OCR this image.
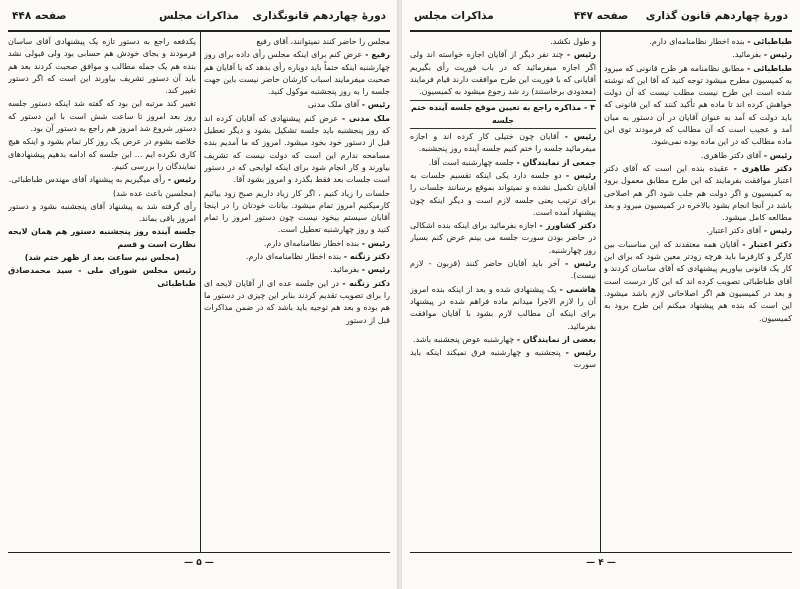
دورهٔ چهاردهم قانونگذاری
مذاکرات مجلس
صفحه ۴۴۸

مجلس را حاضر کنند نمیتوانند، آقای رفیع

رفیع - عرض کنم برای اینکه مجلس رأی داده برای روز چهارشنبه اینکه حتماً باید دوباره رأی بدهد که با آقایان هم صحبت میفرمایند اسباب کارشان حاضر نیست باین جهت جلسه را به روز پنجشنبه موکول کنید.

رئیس - آقای ملک مدنی

ملک مدنی - عرض کنم پیشنهادی که آقایان کرده اند که روز پنجشنبه باید جلسه تشکیل بشود و دیگر تعطیل قبل از دستور خود بخود میشود. امروز که ما آمدیم بنده مسامحه ندارم این است که دولت نیست که تشریف بیاورند و کار انجام شود برای اینکه لوایحی که در دستور است جلسات بعد فقط بگذرد و امروز بشود آقا.

جلسات را زیاد کنیم ، اگر کار زیاد داریم صبح زود بیائیم کارمیکنیم امروز تمام میشود. بیانات خودتان را در اینجا آقایان سیستم بیخود نیست چون دستور امروز را تمام کنید و روز چهارشنبه تعطیل است.

رئیس - بنده اخطار نظامنامه‌ای دارم.

دکتر زنگنه - بنده اخطار نظامنامه‌ای دارم.

رئیس - بفرمائید.

دکتر زنگنه - در این جلسه عده ای از آقایان لایحه ای را برای تصویب تقدیم کردند بنابر این چیزی در دستور ما هم بوده و بعد هم توجیه باید باشد که در ضمن مذاکرات قبل از دستور

یکدفعه راجع به دستور تازه یک پیشنهادی آقای ساسان فرمودند و بجای خودش هم حسابی بود ولی قبولی نشد بنده هم یک جمله مطالب و موافق صحبت کردند بعد هم باید آن دستور تشریف بیاورند این است که اگر دستور تغییر کند.

تغییر کند مرتبه این بود که گفته شد اینکه دستور جلسه روز بعد امروز تا ساعت شش است با این دستور که دستور شروع شد امروز هم راجع به دستور آن بود.

خلاصه بشوم در عرض یک روز کار تمام بشود و اینکه هیچ کاری نکرده ایم ... این جلسه که ادامه بدهیم پیشنهادهای نمایندگان را بررسی کنیم.

رئیس - رأی میگیریم به پیشنهاد آقای مهندس طباطبائی.

(مجلسین باعث عده شد)

رأی گرفته شد به پیشنهاد آقای پنجشنبه بشود و دستور امروز باقی بماند.

جلسه آینده روز پنجشنبه دستور هم همان لایحه نظارت است و قسم

(مجلس نیم ساعت بعد از ظهر ختم شد)

رئیس مجلس شورای ملی - سید محمدصادق طباطبائی

— ۵ —
دورهٔ چهاردهم قانون گذاری
صفحه ۴۴۷
مذاکرات مجلس

طباطبائی - بنده اخطار نظامنامه‌ای دارم.

رئیس - بفرمائید.

طباطبائی - مطابق نظامنامه هر طرح قانونی که میرود به کمیسیون مطرح میشود توجه کنید که آقا این که نوشته شده است این طرح نیست مطلب نیست که آن دولت خواهش کرده اند تا ماده هم تأکید کنند که این قانونی که باید دولت که آمد به عنوان آقایان در آن دستور به میان آمد و عجیب است که آن مطالب که فرمودند توی این ماده مطالب که در این ماده بوده نمی‌شود.

رئیس - آقای دکتر طاهری.

دکتر طاهری - عقیده بنده این است که آقای دکتر اعتبار موافقت بفرمایند که این طرح مطابق معمول برود به کمیسیون و اگر دولت هم جلب شود اگر هم اصلاحی باشد در آنجا انجام بشود بالاخره در کمیسیون میرود و بعد مطالعه کامل میشود.

رئیس - آقای دکتر اعتبار.

دکتر اعتبار - آقایان همه معتقدند که این مناسبات بین کارگر و کارفرما باید هرچه زودتر معین شود که برای این کار یک قانونی بیاوریم پیشنهادی که آقای ساسان کردند و آقای طباطبائی تصویب کرده اند که این کار درست است و بعد در کمیسیون هم اگر اصلاحاتی لازم باشد میشود. این است که بنده هم پیشنهاد میکنم این طرح برود به کمیسیون.

و طول نکشد.

رئیس - چند نفر دیگر از آقایان اجازه خواسته اند ولی اگر اجازه میفرمائید که در باب فوریت رأی بگیریم آقایانی که با فوریت این طرح موافقت دارند قیام فرمایند (معدودی برخاستند) رد شد رجوع میشود به کمیسیون.

۴ - مذاکره راجع به تعیین موقع جلسه آینده ختم جلسه

رئیس - آقایان چون ختیلی کار کرده اند و اجازه میفرمائید جلسه را ختم کنیم جلسه آینده روز پنجشنبه.

جمعی از نمایندگان - جلسه چهارشنبه است آقا.

رئیس - دو جلسه دارد یکی اینکه تقسیم جلسات به آقایان تکمیل نشده و نمیتواند بموقع برسانند جلسات را برای ترتیب یعنی جلسه لازم است و دیگر اینکه چون پیشنهاد آمده است.

دکتر کشاورز - اجازه بفرمائید برای اینکه بنده اشکالی در حاضر بودن سورت جلسه می بینم عرض کنم بسیار روز چهارشنبه.

رئیس - آخر باید آقایان حاضر کنند (قربون - لازم نیست).

هاشمی - یک پیشنهادی شده و بعد از اینکه بنده امروز آن را لازم الاجرا میدانم ماده فراهم شده در پیشنهاد برای اینکه آن مطالب لازم بشود با آقایان موافقت بفرمائید.

بعضی از نمایندگان - چهارشنبه عوض پنجشنبه باشد.

رئیس - پنجشنبه و چهارشنبه فرق نمیکند اینکه باید سورت

— ۴ —
